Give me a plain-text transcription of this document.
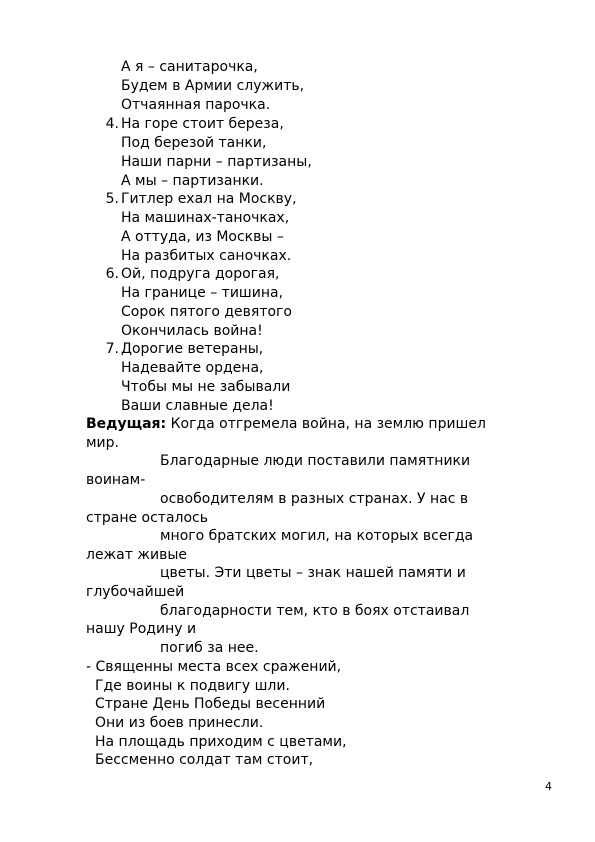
А я – санитарочка,
Будем в Армии служить,
Отчаянная парочка.
4. На горе стоит береза,
Под березой танки,
Наши парни – партизаны,
А мы – партизанки.
5. Гитлер ехал на Москву,
На машинах-таночках,
А оттуда, из Москвы –
На разбитых саночках.
6. Ой, подруга дорогая,
На границе – тишина,
Сорок пятого девятого
Окончилась война!
7. Дорогие ветераны,
Надевайте ордена,
Чтобы мы не забывали
Ваши славные дела!
Ведущая: Когда отгремела война, на землю пришел
мир.
Благодарные люди поставили памятники
воинам-
освободителям в разных странах. У нас в
стране осталось
много братских могил, на которых всегда
лежат живые
цветы. Эти цветы – знак нашей памяти и
глубочайшей
благодарности тем, кто в боях отстаивал
нашу Родину и
погиб за нее.
- Священны места всех сражений,
Где воины к подвигу шли.
Стране День Победы весенний
Они из боев принесли.
На площадь приходим с цветами,
Бессменно солдат там стоит,
4
